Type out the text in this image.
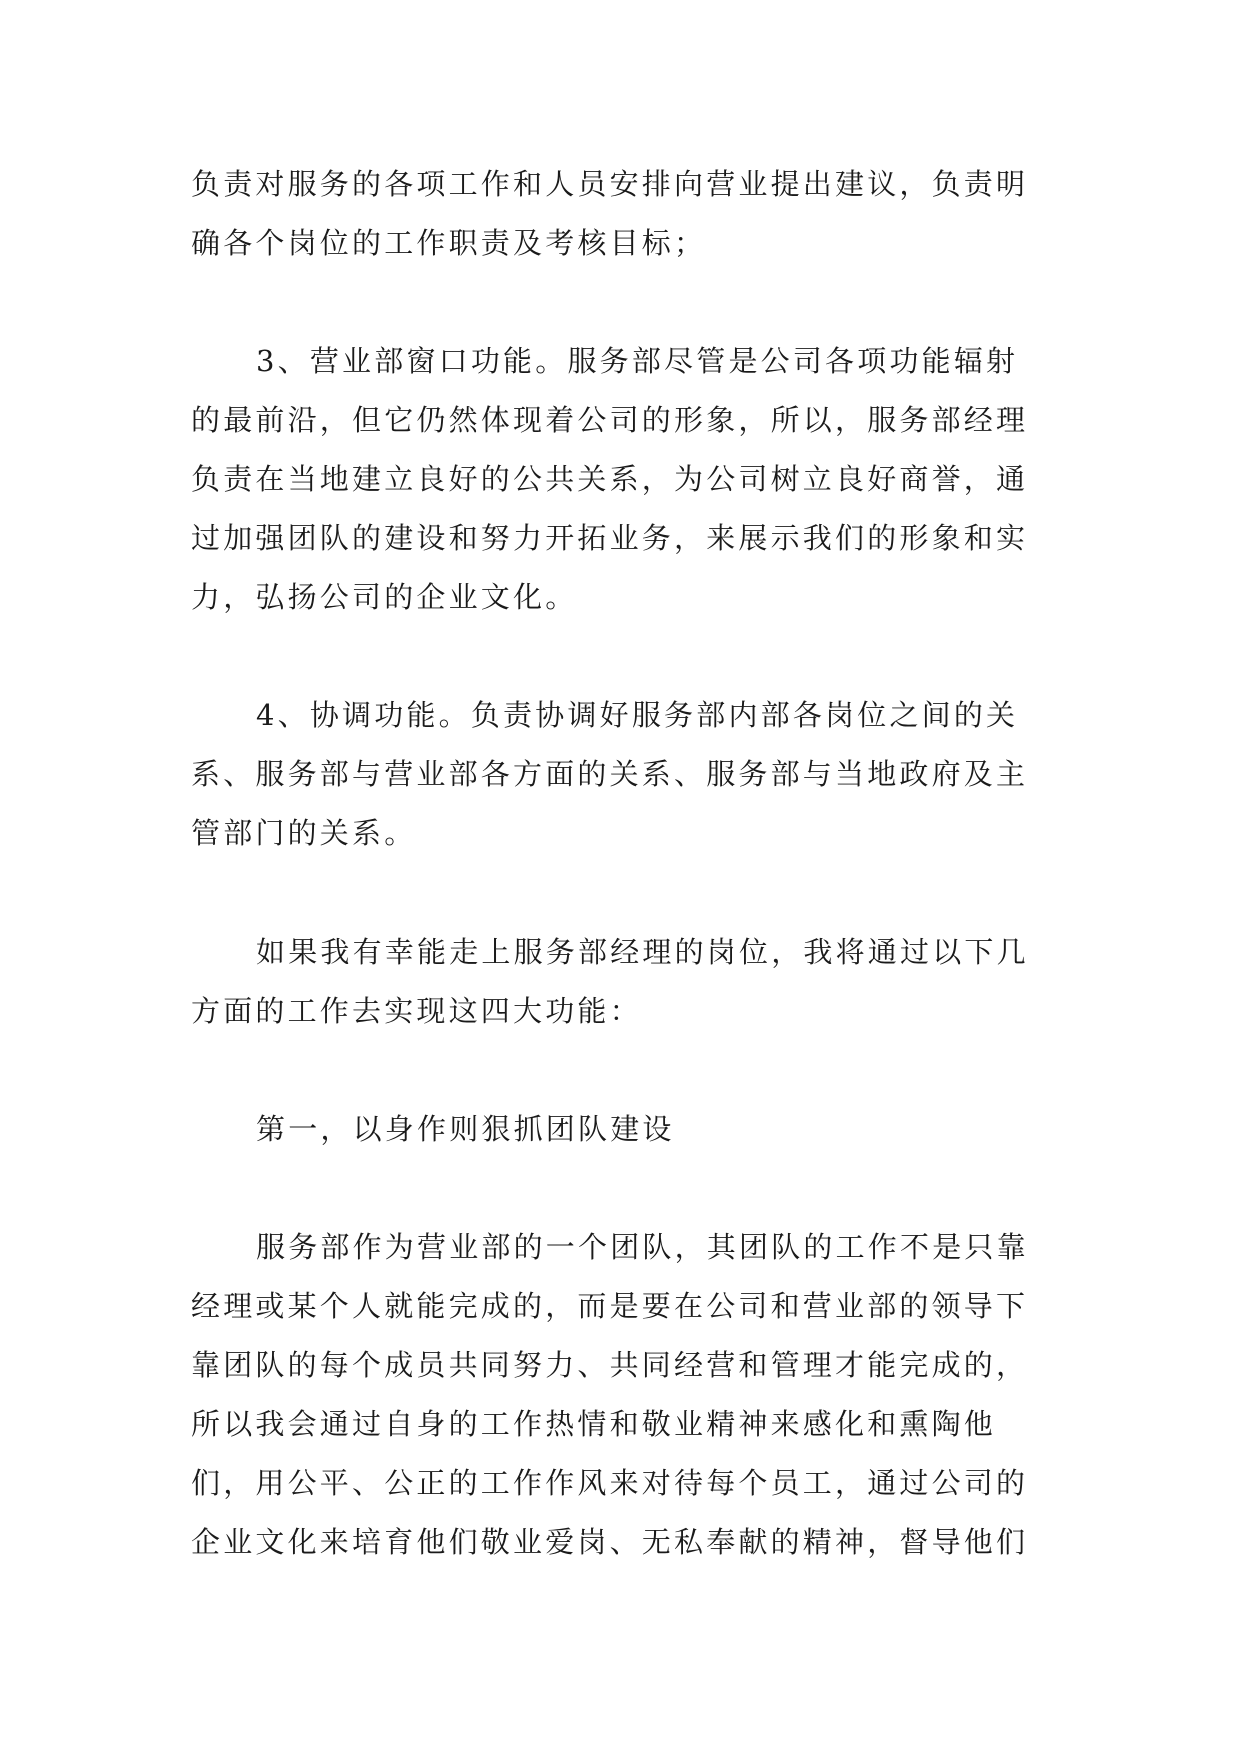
负责对服务的各项工作和人员安排向营业提出建议，负责明
确各个岗位的工作职责及考核目标；
3、营业部窗口功能。服务部尽管是公司各项功能辐射
的最前沿，但它仍然体现着公司的形象，所以，服务部经理
负责在当地建立良好的公共关系，为公司树立良好商誉，通
过加强团队的建设和努力开拓业务，来展示我们的形象和实
力，弘扬公司的企业文化。
4、协调功能。负责协调好服务部内部各岗位之间的关
系、服务部与营业部各方面的关系、服务部与当地政府及主
管部门的关系。
如果我有幸能走上服务部经理的岗位，我将通过以下几
方面的工作去实现这四大功能：
第一，以身作则狠抓团队建设
服务部作为营业部的一个团队，其团队的工作不是只靠
经理或某个人就能完成的，而是要在公司和营业部的领导下
靠团队的每个成员共同努力、共同经营和管理才能完成的，
所以我会通过自身的工作热情和敬业精神来感化和熏陶他
们，用公平、公正的工作作风来对待每个员工，通过公司的
企业文化来培育他们敬业爱岗、无私奉献的精神，督导他们
